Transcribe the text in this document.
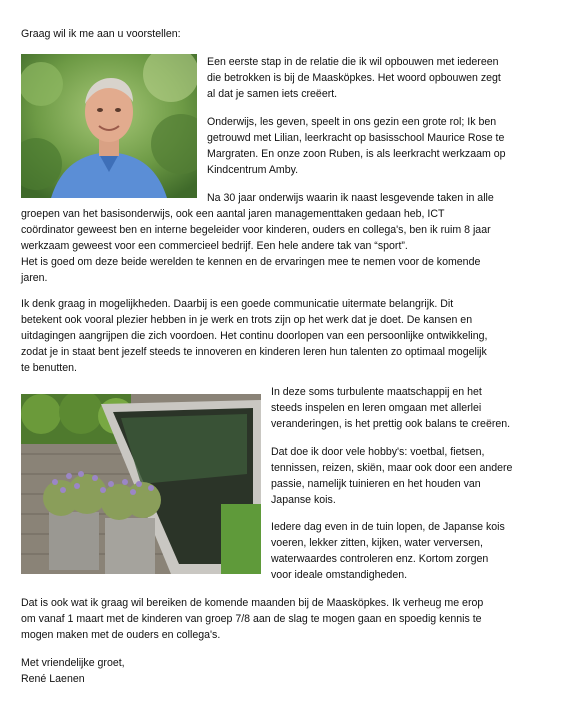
Graag wil ik me aan u voorstellen:

Een eerste stap in de relatie die ik wil opbouwen met iedereen

die betrokken is bij de Maasköpkes. Het woord opbouwen zegt

al dat je samen iets creëert.

Onderwijs, les geven, speelt in ons gezin een grote rol; Ik ben

getrouwd met Lilian, leerkracht op basisschool Maurice Rose te

Margraten. En onze zoon Ruben, is als leerkracht werkzaam op

Kindcentrum Amby.

Na 30 jaar onderwijs waarin ik naast lesgevende taken in alle

groepen van het basisonderwijs, ook een aantal jaren managementtaken gedaan heb, ICT

coördinator geweest ben en interne begeleider voor kinderen, ouders en collega's, ben ik ruim 8 jaar

werkzaam geweest voor een commercieel bedrijf. Een hele andere tak van “sport”.

Het is goed om deze beide werelden te kennen en de ervaringen mee te nemen voor de komende

jaren.

Ik denk graag in mogelijkheden. Daarbij is een goede communicatie uitermate belangrijk. Dit

betekent ook vooral plezier hebben in je werk en trots zijn op het werk dat je doet. De kansen en

uitdagingen aangrijpen die zich voordoen. Het continu doorlopen van een persoonlijke ontwikkeling,

zodat je in staat bent jezelf steeds te innoveren en kinderen leren hun talenten zo optimaal mogelijk

te benutten.

In deze soms turbulente maatschappij en het

steeds inspelen en leren omgaan met allerlei

veranderingen, is het prettig ook balans te creëren.

Dat doe ik door vele hobby's: voetbal, fietsen,

tennissen, reizen, skiën, maar ook door een andere

passie, namelijk tuinieren en het houden van

Japanse kois.

Iedere dag even in de tuin lopen, de Japanse kois

voeren, lekker zitten, kijken, water verversen,

waterwaardes controleren enz. Kortom zorgen

voor ideale omstandigheden.

Dat is ook wat ik graag wil bereiken de komende maanden bij de Maasköpkes. Ik verheug me erop

om vanaf 1 maart met de kinderen van groep 7/8 aan de slag te mogen gaan en spoedig kennis te

mogen maken met de ouders en collega's.

Met vriendelijke groet,

René Laenen
